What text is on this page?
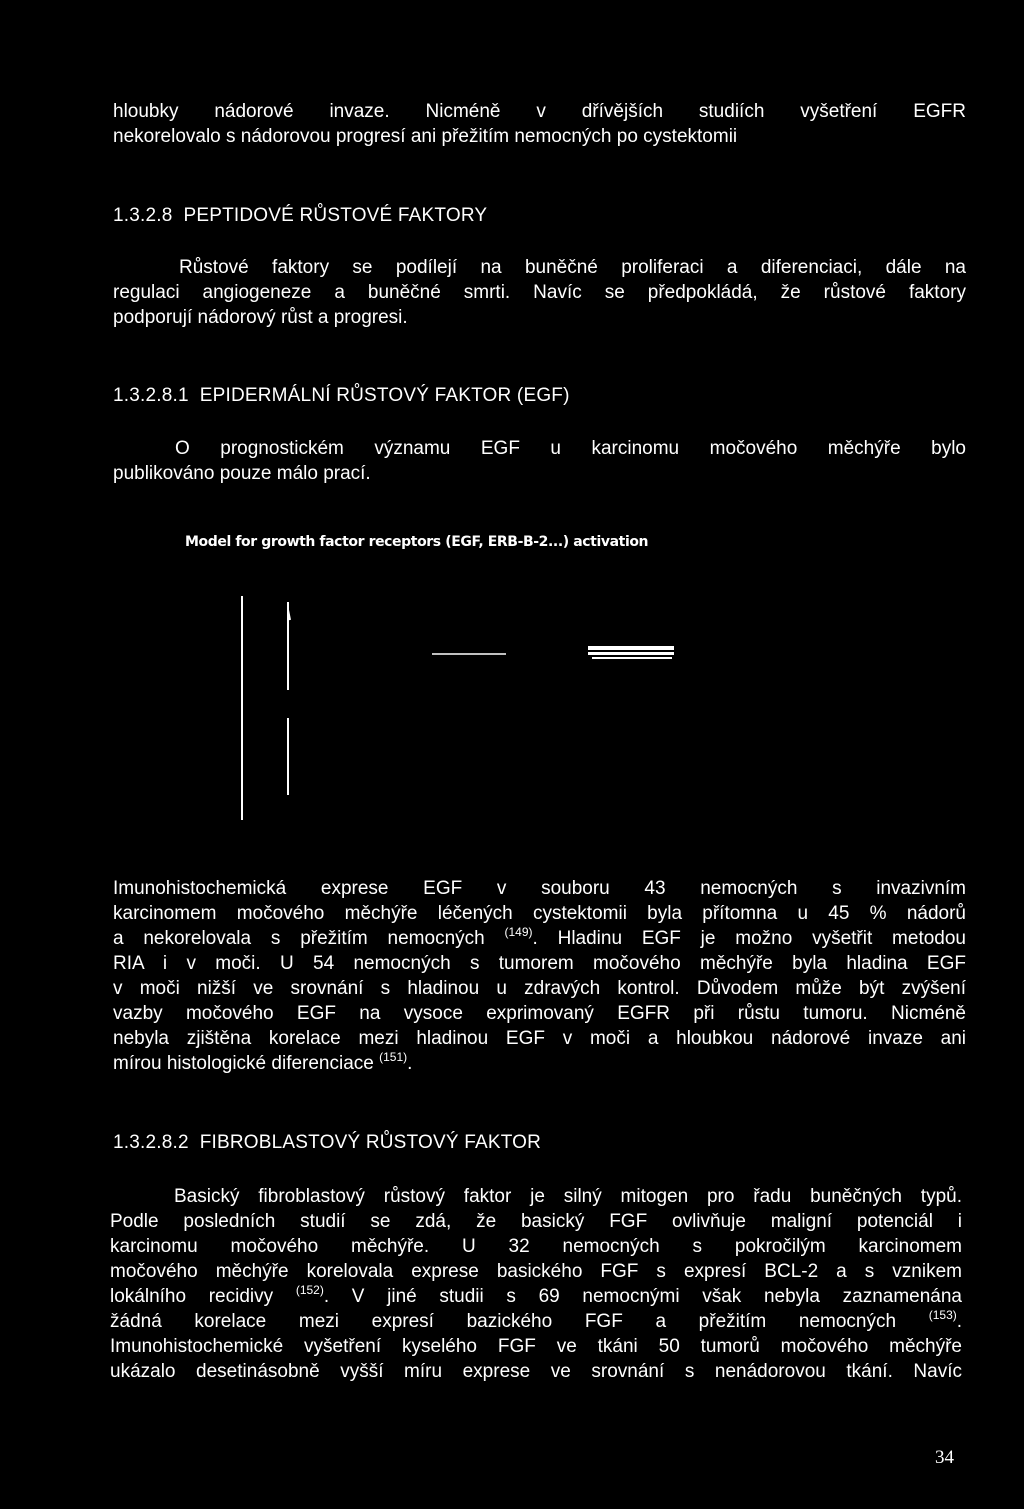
hloubky nádorové invaze. Nicméně v dřívějších studiích vyšetření EGFR
nekorelovalo s nádorovou progresí ani přežitím nemocných po cystektomii
1.3.2.8 PEPTIDOVÉ RŮSTOVÉ FAKTORY
Růstové faktory se podílejí na buněčné proliferaci a diferenciaci, dále na
regulaci angiogeneze a buněčné smrti. Navíc se předpokládá, že růstové faktory
podporují nádorový růst a progresi.
1.3.2.8.1 EPIDERMÁLNÍ RŮSTOVÝ FAKTOR (EGF)
O prognostickém významu EGF u karcinomu močového měchýře bylo
publikováno pouze málo prací.
Model for growth factor receptors (EGF, ERB-B-2...) activation
Imunohistochemická exprese EGF v souboru 43 nemocných s invazivním
karcinomem močového měchýře léčených cystektomii byla přítomna u 45 % nádorů
a nekorelovala s přežitím nemocných $^{(149)}$. Hladinu EGF je možno vyšetřit metodou
RIA i v moči. U 54 nemocných s tumorem močového měchýře byla hladina EGF
v moči nižší ve srovnání s hladinou u zdravých kontrol. Důvodem může být zvýšení
vazby močového EGF na vysoce exprimovaný EGFR při růstu tumoru. Nicméně
nebyla zjištěna korelace mezi hladinou EGF v moči a hloubkou nádorové invaze ani
mírou histologické diferenciace $^{(151)}$.
1.3.2.8.2 FIBROBLASTOVÝ RŮSTOVÝ FAKTOR
Basický fibroblastový růstový faktor je silný mitogen pro řadu buněčných typů.
Podle posledních studií se zdá, že basický FGF ovlivňuje maligní potenciál i
karcinomu močového měchýře. U 32 nemocných s pokročilým karcinomem
močového měchýře korelovala exprese basického FGF s expresí BCL-2 a s vznikem
lokálního recidivy $^{(152)}$. V jiné studii s 69 nemocnými však nebyla zaznamenána
žádná korelace mezi expresí bazického FGF a přežitím nemocných	$^{(153)}$.
Imunohistochemické vyšetření kyselého FGF ve tkáni 50 tumorů močového měchýře
ukázalo desetinásobně vyšší míru exprese ve srovnání s nenádorovou tkání. Navíc
34
